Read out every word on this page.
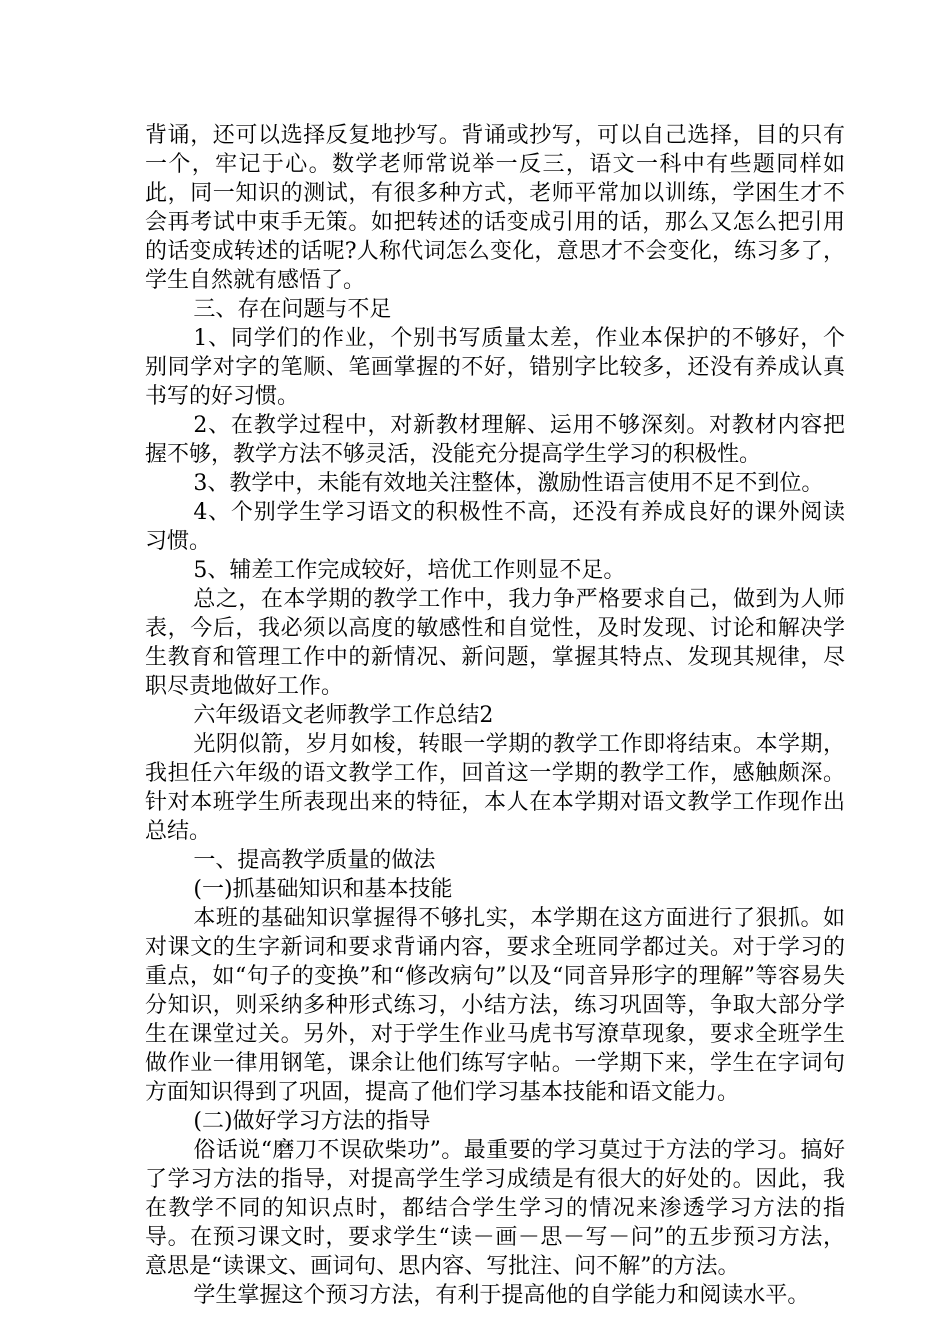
背诵，还可以选择反复地抄写。背诵或抄写，可以自己选择，目的只有一个，牢记于心。数学老师常说举一反三，语文一科中有些题同样如此，同一知识的测试，有很多种方式，老师平常加以训练，学困生才不会再考试中束手无策。如把转述的话变成引用的话，那么又怎么把引用的话变成转述的话呢?人称代词怎么变化，意思才不会变化，练习多了，学生自然就有感悟了。

三、存在问题与不足

1、同学们的作业，个别书写质量太差，作业本保护的不够好，个别同学对字的笔顺、笔画掌握的不好，错别字比较多，还没有养成认真书写的好习惯。

2、在教学过程中，对新教材理解、运用不够深刻。对教材内容把握不够，教学方法不够灵活，没能充分提高学生学习的积极性。

3、教学中，未能有效地关注整体，激励性语言使用不足不到位。

4、个别学生学习语文的积极性不高，还没有养成良好的课外阅读习惯。

5、辅差工作完成较好，培优工作则显不足。

总之，在本学期的教学工作中，我力争严格要求自己，做到为人师表，今后，我必须以高度的敏感性和自觉性，及时发现、讨论和解决学生教育和管理工作中的新情况、新问题，掌握其特点、发现其规律，尽职尽责地做好工作。

六年级语文老师教学工作总结2

光阴似箭，岁月如梭，转眼一学期的教学工作即将结束。本学期，我担任六年级的语文教学工作，回首这一学期的教学工作，感触颇深。针对本班学生所表现出来的特征，本人在本学期对语文教学工作现作出总结。

一、提高教学质量的做法

(一)抓基础知识和基本技能

本班的基础知识掌握得不够扎实，本学期在这方面进行了狠抓。如对课文的生字新词和要求背诵内容，要求全班同学都过关。对于学习的重点，如“句子的变换”和“修改病句”以及“同音异形字的理解”等容易失分知识，则采纳多种形式练习，小结方法，练习巩固等，争取大部分学生在课堂过关。另外，对于学生作业马虎书写潦草现象，要求全班学生做作业一律用钢笔，课余让他们练写字帖。一学期下来，学生在字词句方面知识得到了巩固，提高了他们学习基本技能和语文能力。

(二)做好学习方法的指导

俗话说“磨刀不误砍柴功”。最重要的学习莫过于方法的学习。搞好了学习方法的指导，对提高学生学习成绩是有很大的好处的。因此，我在教学不同的知识点时，都结合学生学习的情况来渗透学习方法的指导。在预习课文时，要求学生“读－画－思－写－问”的五步预习方法，意思是“读课文、画词句、思内容、写批注、问不解”的方法。

学生掌握这个预习方法，有利于提高他的自学能力和阅读水平。
